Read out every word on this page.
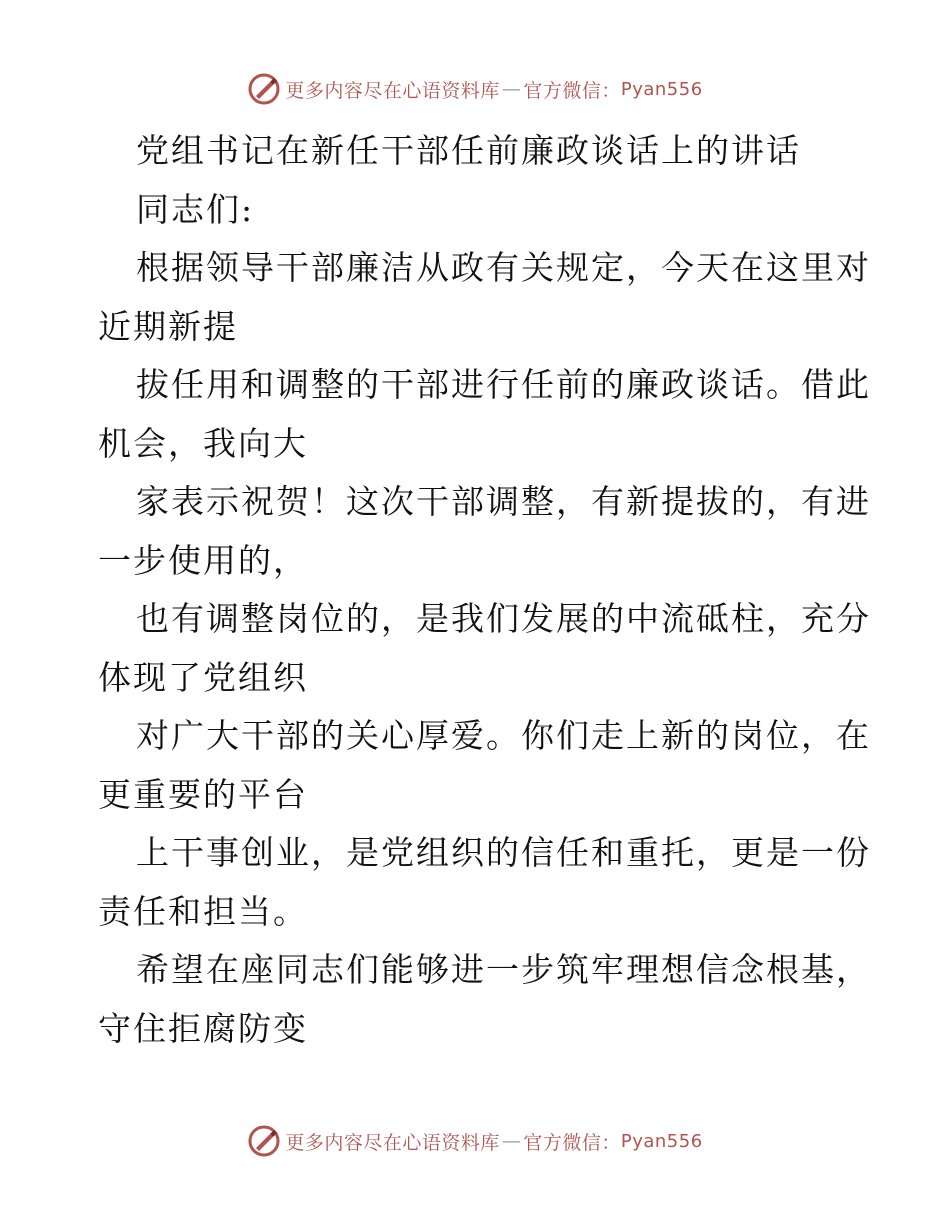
更多内容尽在心语资料库 — 官方微信： Pyan556
党组书记在新任干部任前廉政谈话上的讲话
同志们:
根据领导干部廉洁从政有关规定，今天在这里对
近期新提
拔任用和调整的干部进行任前的廉政谈话。借此
机会，我向大
家表示祝贺！这次干部调整，有新提拔的，有进
一步使用的，
也有调整岗位的，是我们发展的中流砥柱，充分
体现了党组织
对广大干部的关心厚爱。你们走上新的岗位，在
更重要的平台
上干事创业，是党组织的信任和重托，更是一份
责任和担当。
希望在座同志们能够进一步筑牢理想信念根基，
守住拒腐防变
更多内容尽在心语资料库 — 官方微信： Pyan556
